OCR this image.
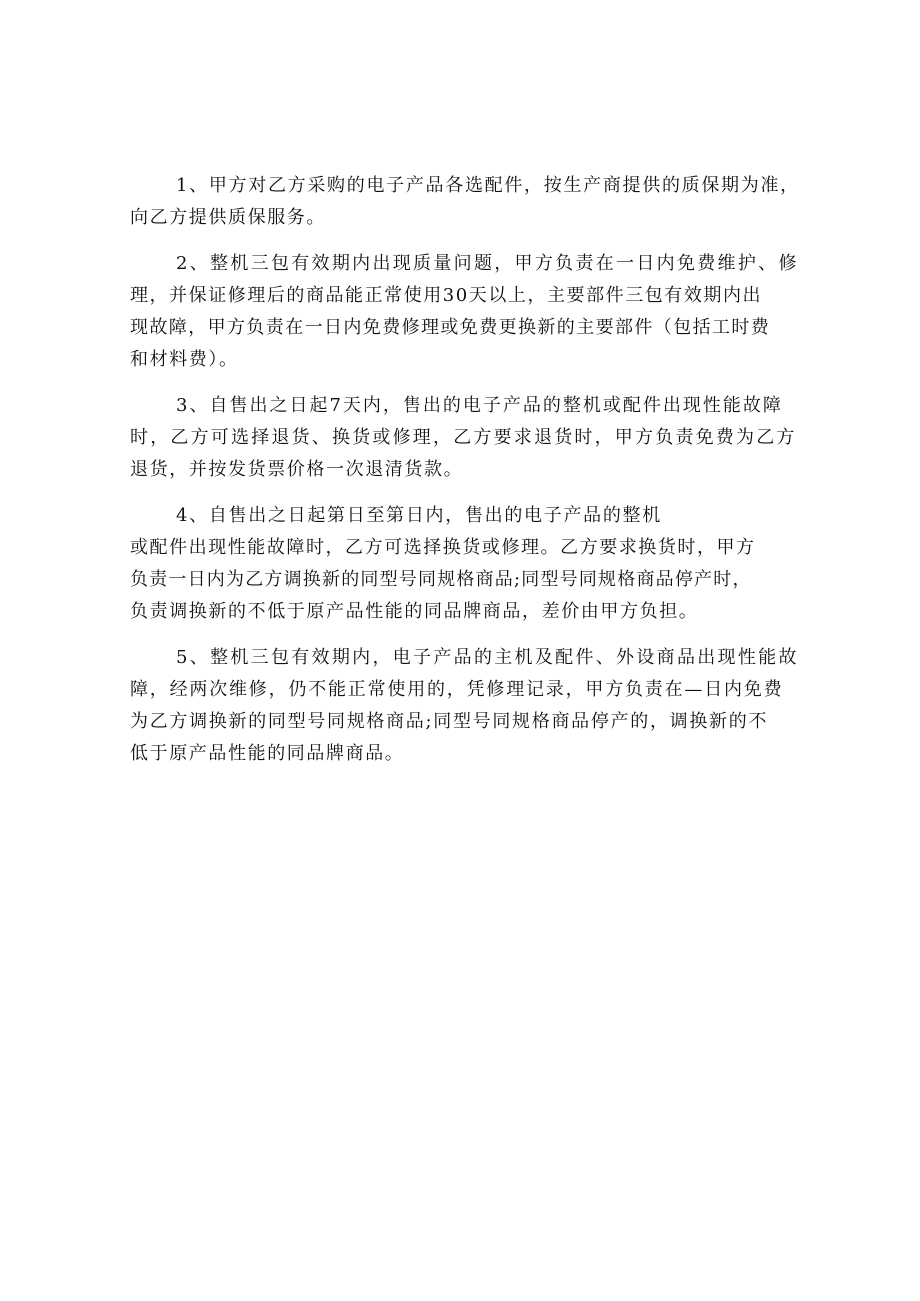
1、甲方对乙方采购的电子产品各选配件，按生产商提供的质保期为准，
向乙方提供质保服务。

2、整机三包有效期内出现质量问题，甲方负责在一日内免费维护、修
理，并保证修理后的商品能正常使用30天以上，主要部件三包有效期内出
现故障，甲方负责在一日内免费修理或免费更换新的主要部件（包括工时费
和材料费）。

3、自售出之日起7天内，售出的电子产品的整机或配件出现性能故障
时，乙方可选择退货、换货或修理，乙方要求退货时，甲方负责免费为乙方
退货，并按发货票价格一次退清货款。

4、自售出之日起第日至第日内，售出的电子产品的整机
或配件出现性能故障时，乙方可选择换货或修理。乙方要求换货时，甲方
负责一日内为乙方调换新的同型号同规格商品;同型号同规格商品停产时，
负责调换新的不低于原产品性能的同品牌商品，差价由甲方负担。

5、整机三包有效期内，电子产品的主机及配件、外设商品出现性能故
障，经两次维修，仍不能正常使用的，凭修理记录，甲方负责在—日内免费
为乙方调换新的同型号同规格商品;同型号同规格商品停产的，调换新的不
低于原产品性能的同品牌商品。
